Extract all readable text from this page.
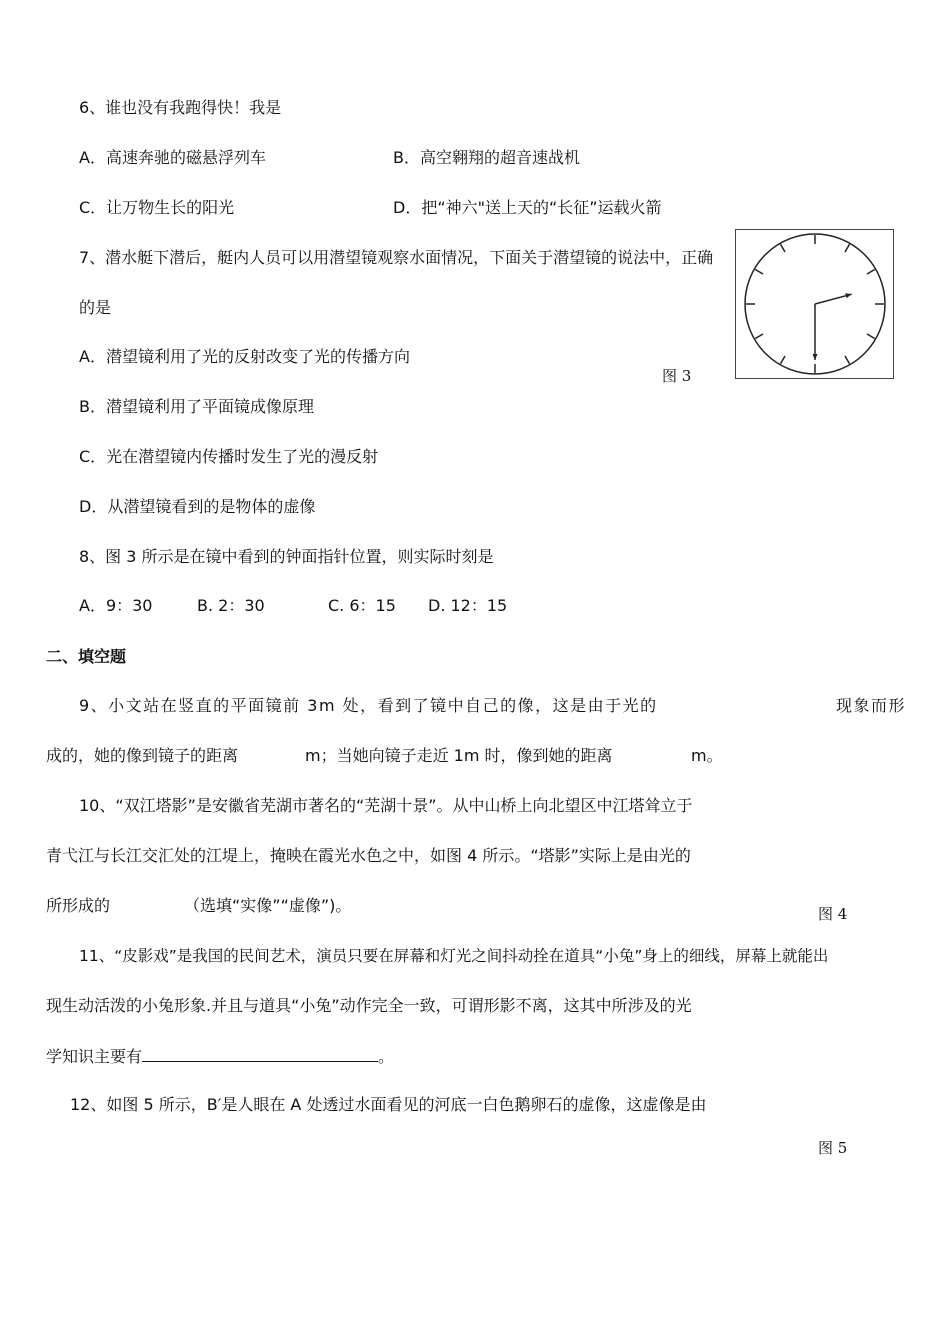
6、谁也没有我跑得快！我是
A．高速奔驰的磁悬浮列车	B．高空翱翔的超音速战机
C．让万物生长的阳光	D．把“神六"送上天的“长征”运载火箭
7、潜水艇下潜后，艇内人员可以用潜望镜观察水面情况，下面关于潜望镜的说法中，正确
的是
A．潜望镜利用了光的反射改变了光的传播方向
B．潜望镜利用了平面镜成像原理
C．光在潜望镜内传播时发生了光的漫反射
D．从潜望镜看到的是物体的虚像
图 3
8、图 3 所示是在镜中看到的钟面指针位置，则实际时刻是
A．9：30	B. 2：30	C. 6：15 D. 12：15
二、填空题
9、小文站在竖直的平面镜前 3m 处，看到了镜中自己的像，这是由于光的	现象而形
成的，她的像到镜子的距离	m；当她向镜子走近 1m 时，像到她的距离	m。
10、“双江塔影”是安徽省芜湖市著名的“芜湖十景”。从中山桥上向北望区中江塔耸立于
青弋江与长江交汇处的江堤上，掩映在霞光水色之中，如图 4 所示。“塔影”实际上是由光的
所形成的	（选填“实像”“虚像”)。	图 4
11、“皮影戏”是我国的民间艺术，演员只要在屏幕和灯光之间抖动拴在道具“小兔”身上的细线，屏幕上就能出
现生动活泼的小兔形象.并且与道具“小兔”动作完全一致，可谓形影不离，这其中所涉及的光
学知识主要有	。
12、如图 5 所示，B′是人眼在 A 处透过水面看见的河底一白色鹅卵石的虚像，这虚像是由
图 5
